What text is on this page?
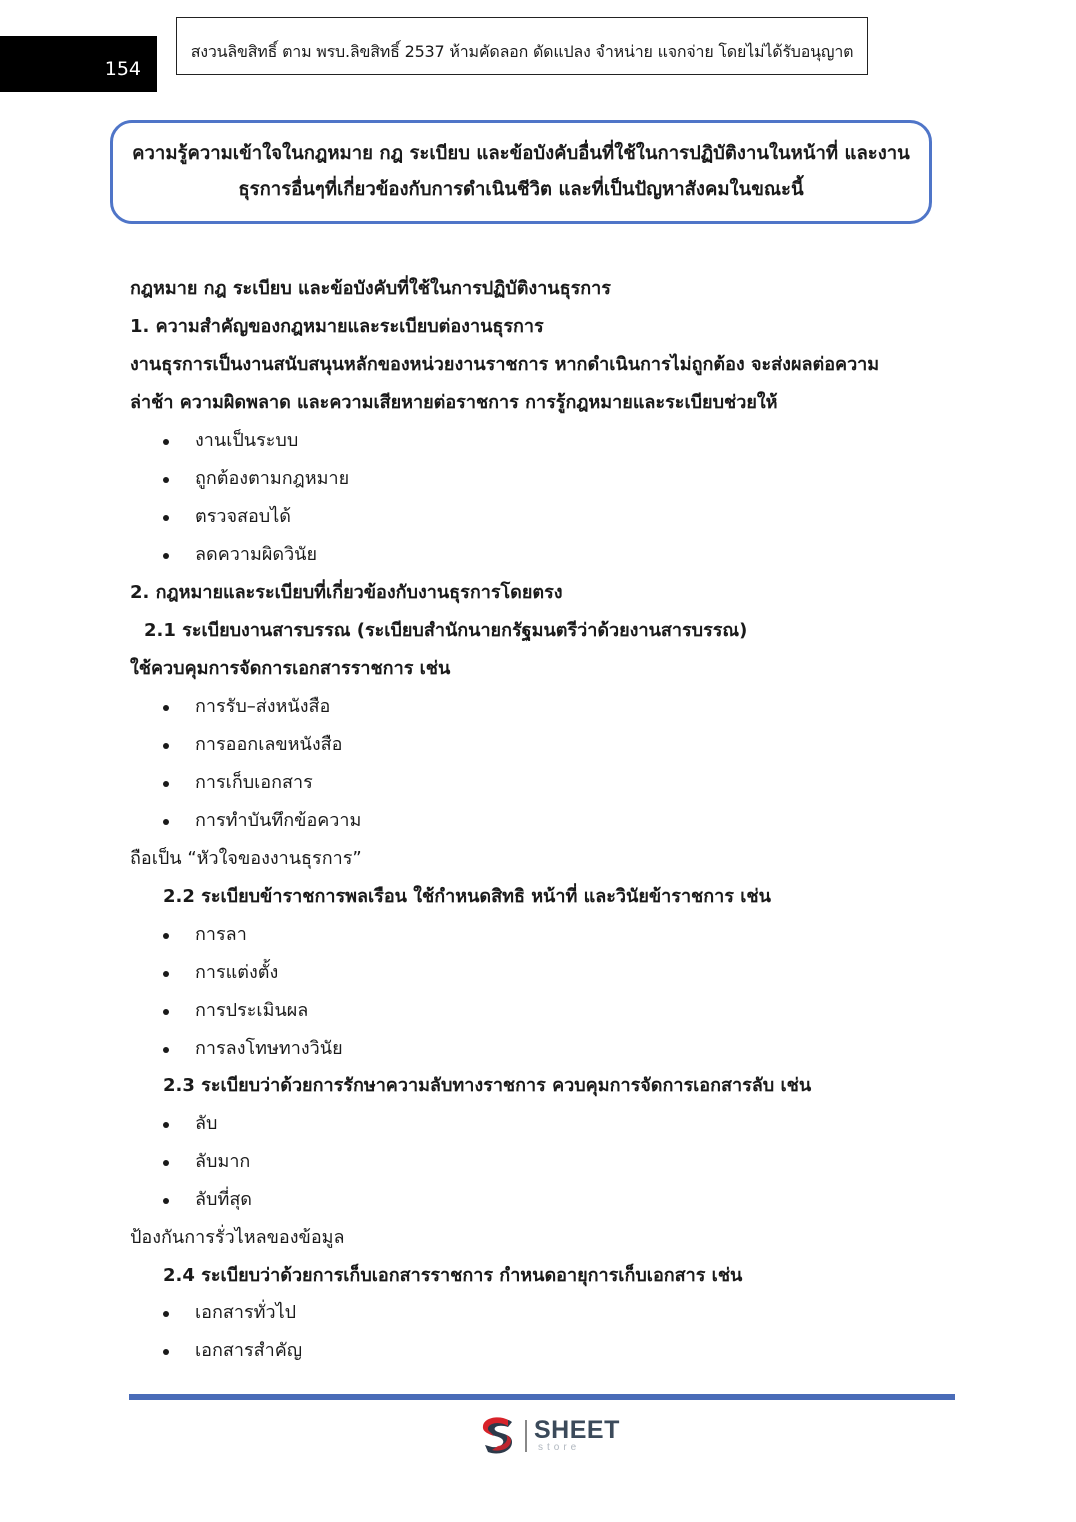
154
สงวนลิขสิทธิ์ ตาม พรบ.ลิขสิทธิ์ 2537 ห้ามคัดลอก ดัดแปลง จำหน่าย แจกจ่าย โดยไม่ได้รับอนุญาต
ความรู้ความเข้าใจในกฎหมาย กฎ ระเบียบ และข้อบังคับอื่นที่ใช้ในการปฏิบัติงานในหน้าที่ และงาน
ธุรการอื่นๆที่เกี่ยวข้องกับการดำเนินชีวิต และที่เป็นปัญหาสังคมในขณะนี้
กฎหมาย กฎ ระเบียบ และข้อบังคับที่ใช้ในการปฏิบัติงานธุรการ
1. ความสำคัญของกฎหมายและระเบียบต่องานธุรการ
งานธุรการเป็นงานสนับสนุนหลักของหน่วยงานราชการ หากดำเนินการไม่ถูกต้อง จะส่งผลต่อความ
ล่าช้า ความผิดพลาด และความเสียหายต่อราชการ การรู้กฎหมายและระเบียบช่วยให้
งานเป็นระบบ
ถูกต้องตามกฎหมาย
ตรวจสอบได้
ลดความผิดวินัย
2. กฎหมายและระเบียบที่เกี่ยวข้องกับงานธุรการโดยตรง
2.1 ระเบียบงานสารบรรณ (ระเบียบสำนักนายกรัฐมนตรีว่าด้วยงานสารบรรณ)
ใช้ควบคุมการจัดการเอกสารราชการ เช่น
การรับ–ส่งหนังสือ
การออกเลขหนังสือ
การเก็บเอกสาร
การทำบันทึกข้อความ
ถือเป็น “หัวใจของงานธุรการ”
2.2 ระเบียบข้าราชการพลเรือน ใช้กำหนดสิทธิ หน้าที่ และวินัยข้าราชการ เช่น
การลา
การแต่งตั้ง
การประเมินผล
การลงโทษทางวินัย
2.3 ระเบียบว่าด้วยการรักษาความลับทางราชการ ควบคุมการจัดการเอกสารลับ เช่น
ลับ
ลับมาก
ลับที่สุด
ป้องกันการรั่วไหลของข้อมูล
2.4 ระเบียบว่าด้วยการเก็บเอกสารราชการ กำหนดอายุการเก็บเอกสาร เช่น
เอกสารทั่วไป
เอกสารสำคัญ
SHEET
store
